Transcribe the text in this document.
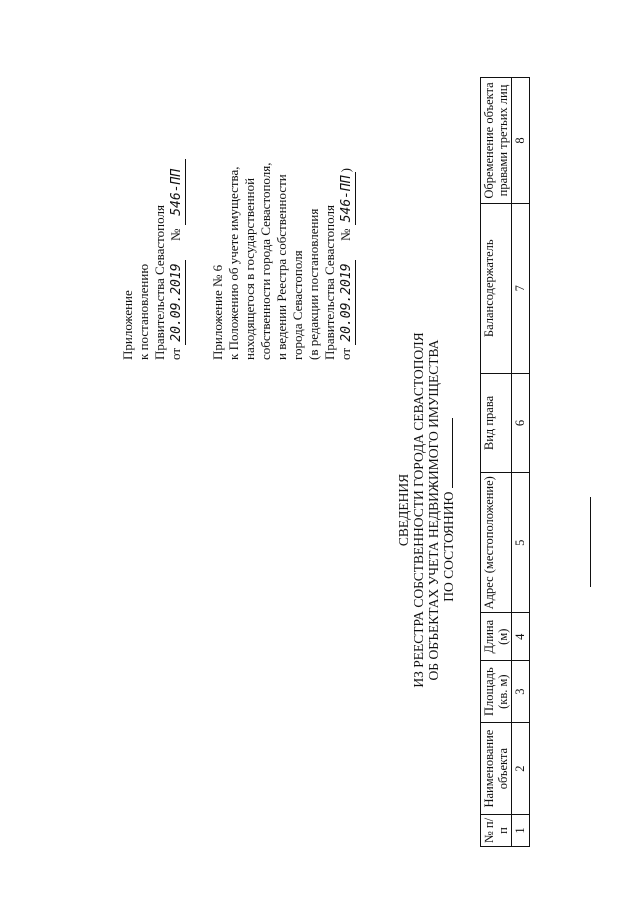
Приложение к постановлению Правительства Севастополя от 20.09.2019      № 546-ПП
Приложение № 6 к Положению об учете имущества, находящегося в государственной собственности города Севастополя, и ведении Реестра собственности города Севастополя (в редакции постановления Правительства Севастополя от 20.09.2019      № 546-ПП)
СВЕДЕНИЯ ИЗ РЕЕСТРА СОБСТВЕННОСТИ ГОРОДА СЕВАСТОПОЛЯ ОБ ОБЪЕКТАХ УЧЕТА НЕДВИЖИМОГО ИМУЩЕСТВА ПО СОСТОЯНИЮ
№ п/п	Наименование объекта	Площадь (кв. м)	Длина (м)	Адрес (местоположение)	Вид права	Балансодержатель	Обременение объекта правами третьих лиц
1	2	3	4	5	6	7	8
